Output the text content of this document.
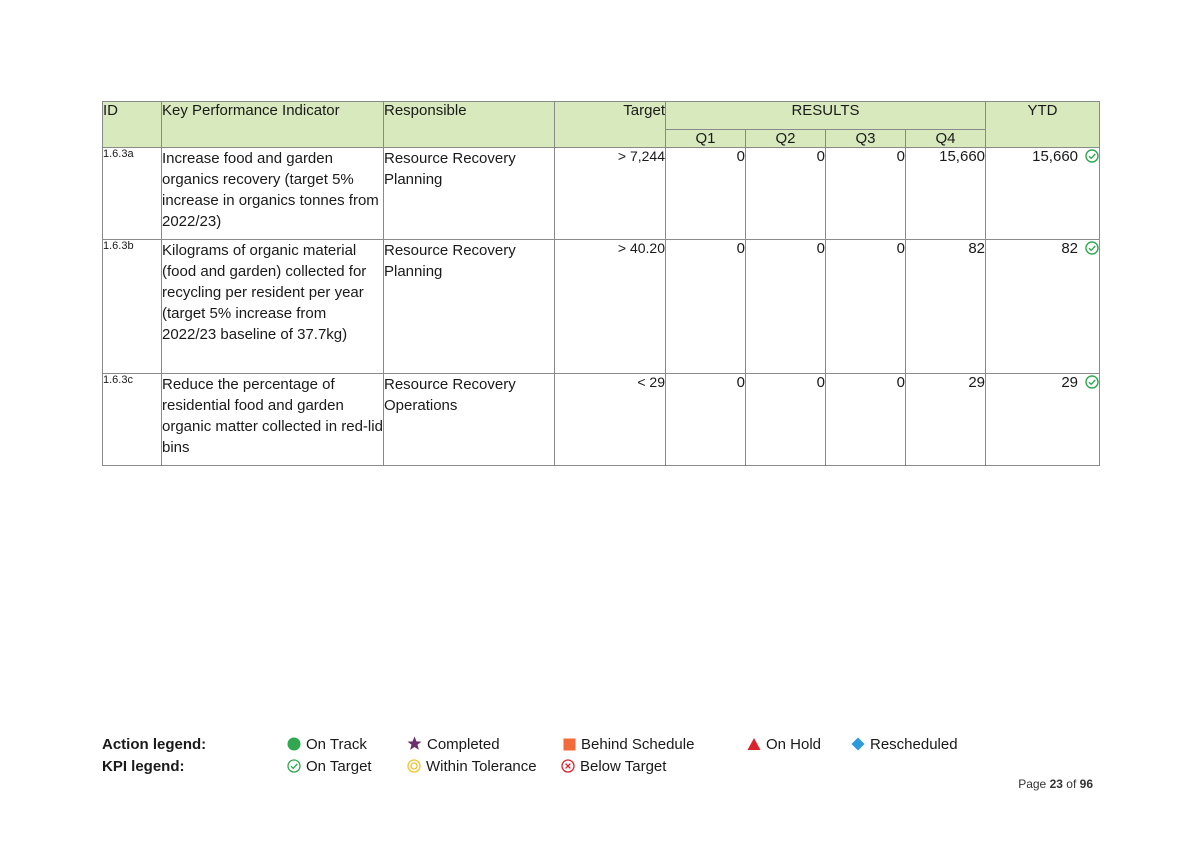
ID	Key Performance Indicator	Responsible	Target	RESULTS				YTD
				Q1	Q2	Q3	Q4	
1.6.3a	Increase food and garden organics recovery (target 5% increase in organics tonnes from 2022/23)	Resource Recovery Planning	> 7,244	0	0	0	15,660	15,660
1.6.3b	Kilograms of organic material (food and garden) collected for recycling per resident per year (target 5% increase from 2022/23 baseline of 37.7kg)	Resource Recovery Planning	> 40.20	0	0	0	82	82
1.6.3c	Reduce the percentage of residential food and garden organic matter collected in red-lid bins	Resource Recovery Operations	< 29	0	0	0	29	29
Action legend:	On Track	Completed	Behind Schedule	On Hold	Rescheduled
KPI legend:	On Target	Within Tolerance	Below Target
Page 23 of 96
